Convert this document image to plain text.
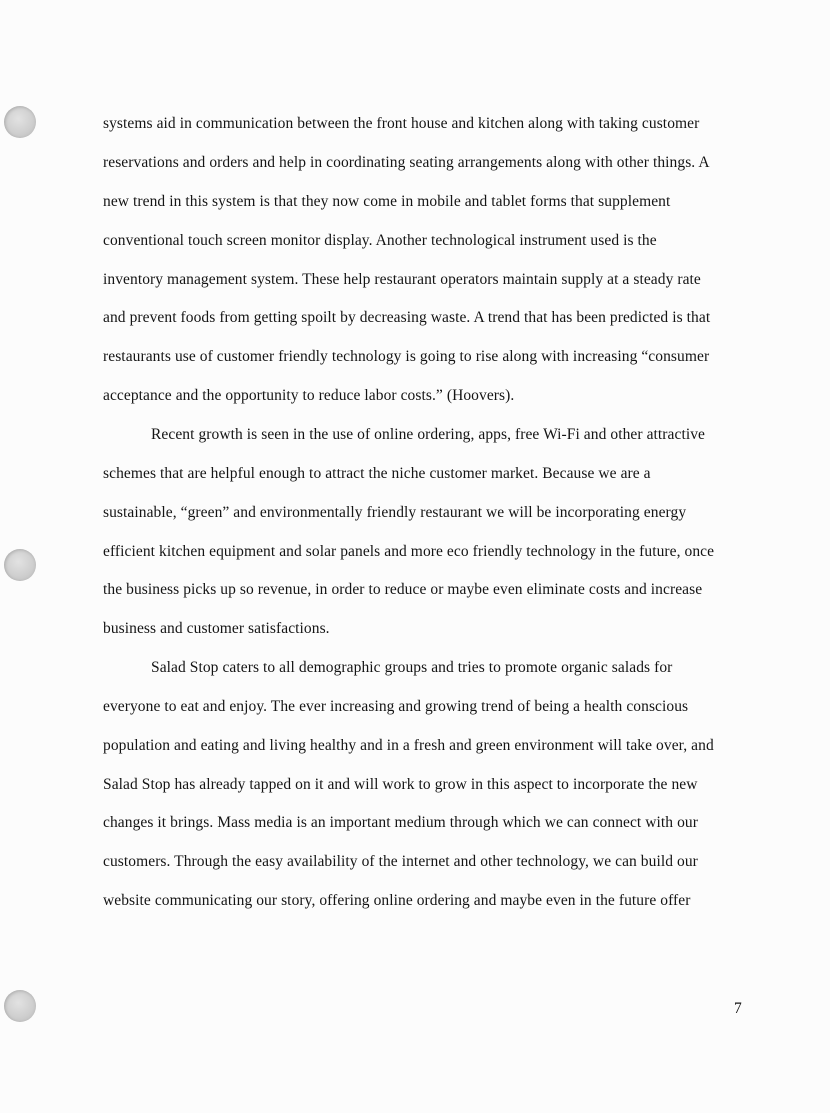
systems aid in communication between the front house and kitchen along with taking customer

reservations and orders and help in coordinating seating arrangements along with other things. A

new trend in this system is that they now come in mobile and tablet forms that supplement

conventional touch screen monitor display. Another technological instrument used is the

inventory management system. These help restaurant operators maintain supply at a steady rate

and prevent foods from getting spoilt by decreasing waste. A trend that has been predicted is that

restaurants use of customer friendly technology is going to rise along with increasing “consumer

acceptance and the opportunity to reduce labor costs.” (Hoovers).

Recent growth is seen in the use of online ordering, apps, free Wi-Fi and other attractive

schemes that are helpful enough to attract the niche customer market. Because we are a

sustainable, “green” and environmentally friendly restaurant we will be incorporating energy

efficient kitchen equipment and solar panels and more eco friendly technology in the future, once

the business picks up so revenue, in order to reduce or maybe even eliminate costs and increase

business and customer satisfactions.

Salad Stop caters to all demographic groups and tries to promote organic salads for

everyone to eat and enjoy. The ever increasing and growing trend of being a health conscious

population and eating and living healthy and in a fresh and green environment will take over, and

Salad Stop has already tapped on it and will work to grow in this aspect to incorporate the new

changes it brings. Mass media is an important medium through which we can connect with our

customers. Through the easy availability of the internet and other technology, we can build our

website communicating our story, offering online ordering and maybe even in the future offer

7
